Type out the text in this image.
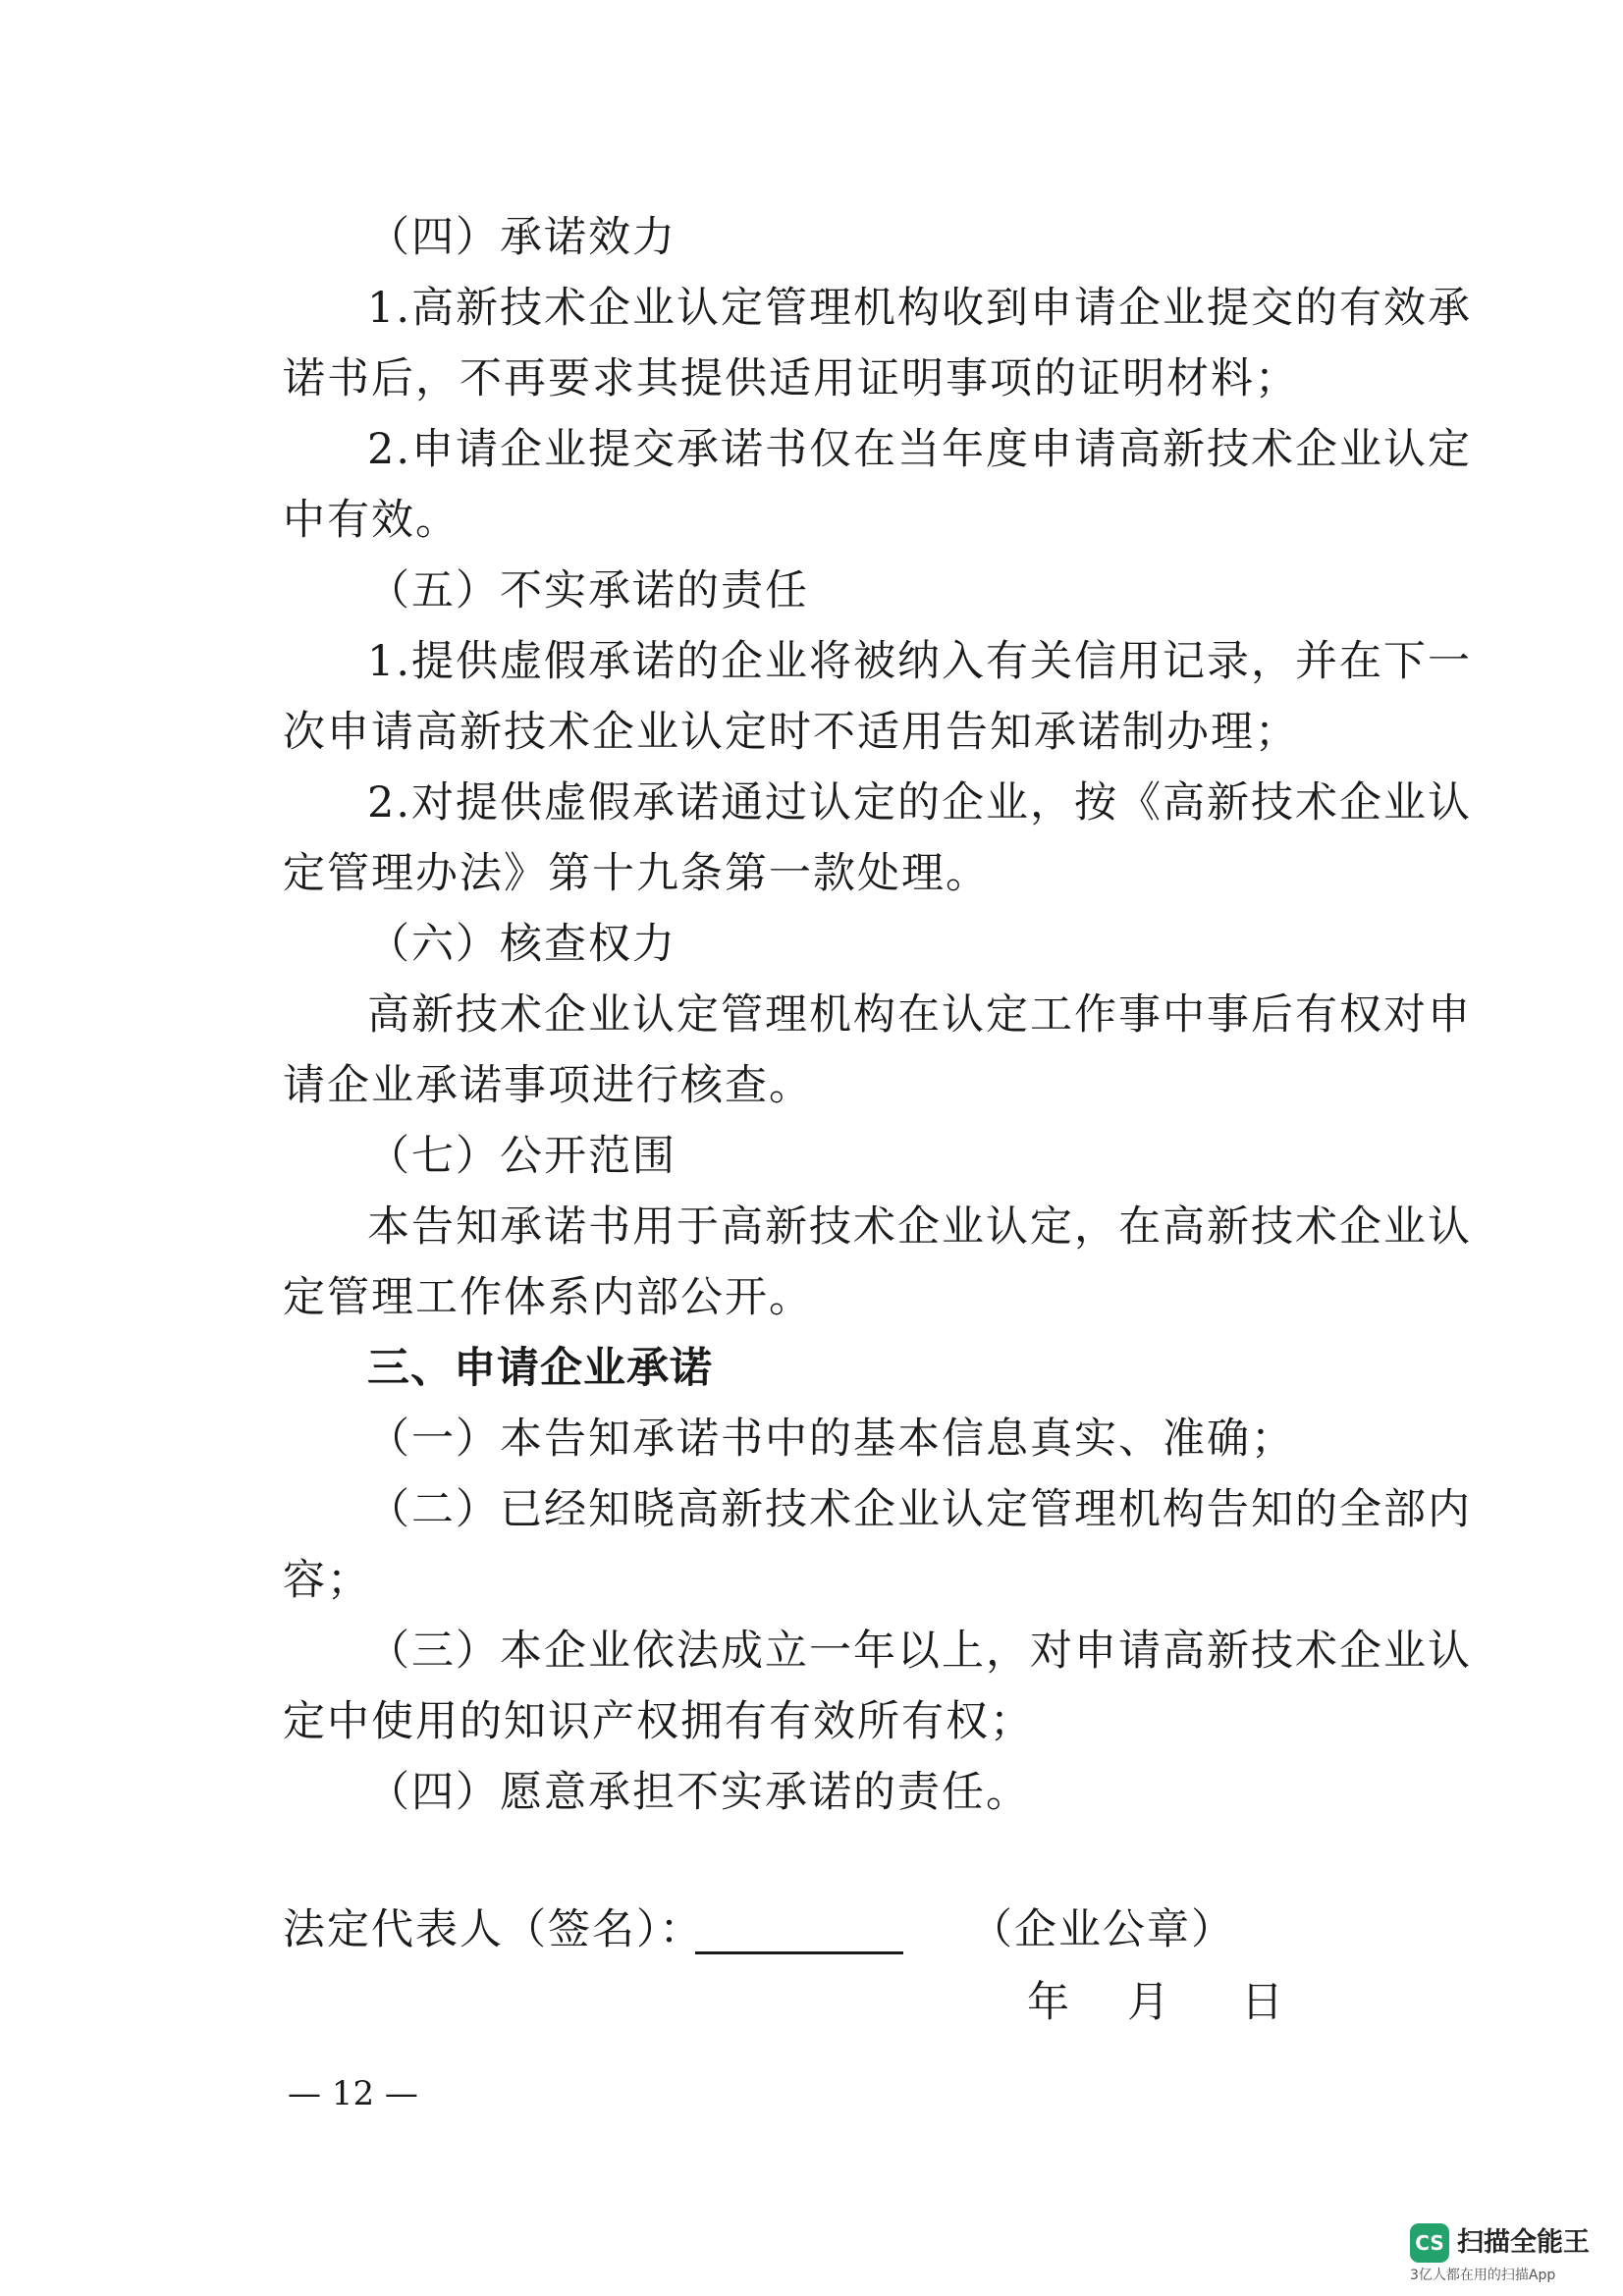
（四）承诺效力
1.高新技术企业认定管理机构收到申请企业提交的有效承
诺书后，不再要求其提供适用证明事项的证明材料；
2.申请企业提交承诺书仅在当年度申请高新技术企业认定
中有效。
（五）不实承诺的责任
1.提供虚假承诺的企业将被纳入有关信用记录，并在下一
次申请高新技术企业认定时不适用告知承诺制办理；
2.对提供虚假承诺通过认定的企业，按《高新技术企业认
定管理办法》第十九条第一款处理。
（六）核查权力
高新技术企业认定管理机构在认定工作事中事后有权对申
请企业承诺事项进行核查。
（七）公开范围
本告知承诺书用于高新技术企业认定，在高新技术企业认
定管理工作体系内部公开。
三、申请企业承诺
（一）本告知承诺书中的基本信息真实、准确；
（二）已经知晓高新技术企业认定管理机构告知的全部内
容；
（三）本企业依法成立一年以上，对申请高新技术企业认
定中使用的知识产权拥有有效所有权；
（四）愿意承担不实承诺的责任。
法定代表人（签名）：	（企业公章）
年 月 日
— 12 —
CS 扫描全能王
3亿人都在用的扫描App
